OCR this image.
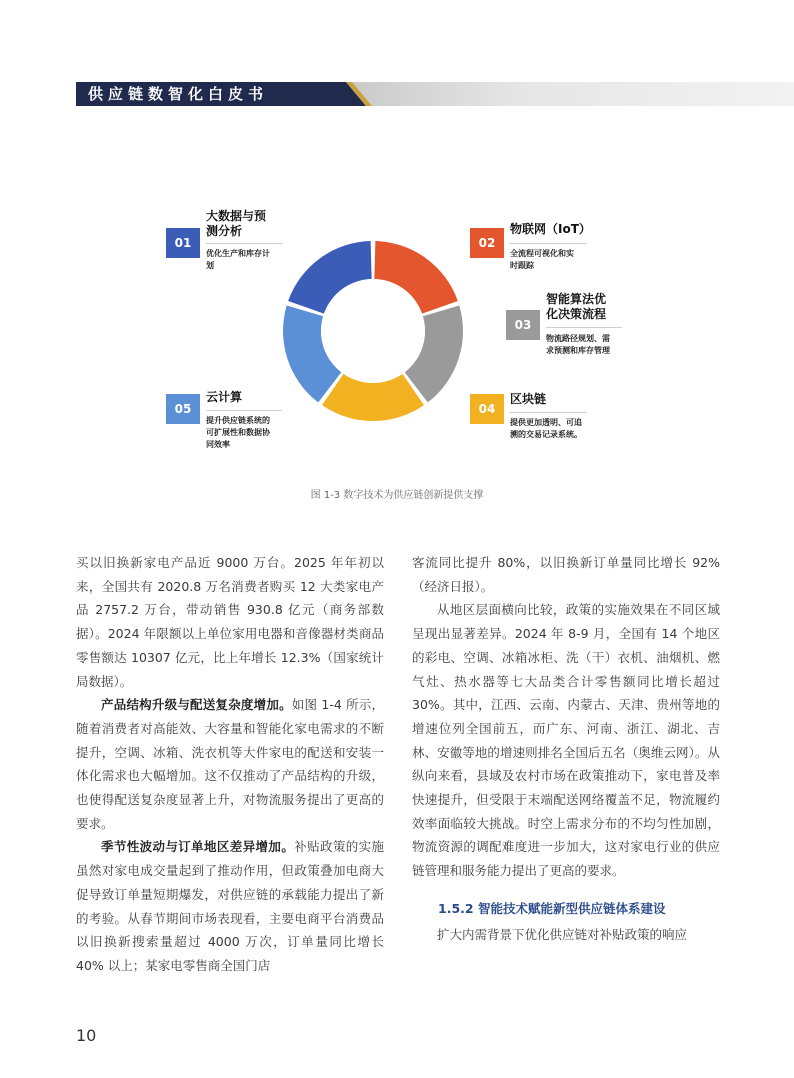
供应链数智化白皮书
01
大数据与预
测分析
优化生产和库存计
划
02
物联网（IoT）
全流程可视化和实
时跟踪
03
智能算法优
化决策流程
物流路径规划、需
求预测和库存管理
04
区块链
提供更加透明、可追
溯的交易记录系统。
05
云计算
提升供应链系统的
可扩展性和数据协
同效率
图 1-3 数字技术为供应链创新提供支撑

买以旧换新家电产品近 9000 万台。2025 年年初以来，全国共有 2020.8 万名消费者购买 12 大类家电产品 2757.2 万台，带动销售 930.8 亿元（商务部数据）。2024 年限额以上单位家用电器和音像器材类商品零售额达 10307 亿元，比上年增长 12.3%（国家统计局数据）。

产品结构升级与配送复杂度增加。如图 1-4 所示，随着消费者对高能效、大容量和智能化家电需求的不断提升，空调、冰箱、洗衣机等大件家电的配送和安装一体化需求也大幅增加。这不仅推动了产品结构的升级，也使得配送复杂度显著上升，对物流服务提出了更高的要求。

季节性波动与订单地区差异增加。补贴政策的实施虽然对家电成交量起到了推动作用，但政策叠加电商大促导致订单量短期爆发，对供应链的承载能力提出了新的考验。从春节期间市场表现看，主要电商平台消费品以旧换新搜索量超过 4000 万次，订单量同比增长 40% 以上；某家电零售商全国门店

客流同比提升 80%，以旧换新订单量同比增长 92%（经济日报）。

从地区层面横向比较，政策的实施效果在不同区域呈现出显著差异。2024 年 8-9 月，全国有 14 个地区的彩电、空调、冰箱冰柜、洗（干）衣机、油烟机、燃气灶、热水器等七大品类合计零售额同比增长超过 30%。其中，江西、云南、内蒙古、天津、贵州等地的增速位列全国前五，而广东、河南、浙江、湖北、吉林、安徽等地的增速则排名全国后五名（奥维云网）。从纵向来看，县域及农村市场在政策推动下，家电普及率快速提升，但受限于末端配送网络覆盖不足，物流履约效率面临较大挑战。时空上需求分布的不均匀性加剧，物流资源的调配难度进一步加大，这对家电行业的供应链管理和服务能力提出了更高的要求。

1.5.2 智能技术赋能新型供应链体系建设

扩大内需背景下优化供应链对补贴政策的响应

10
